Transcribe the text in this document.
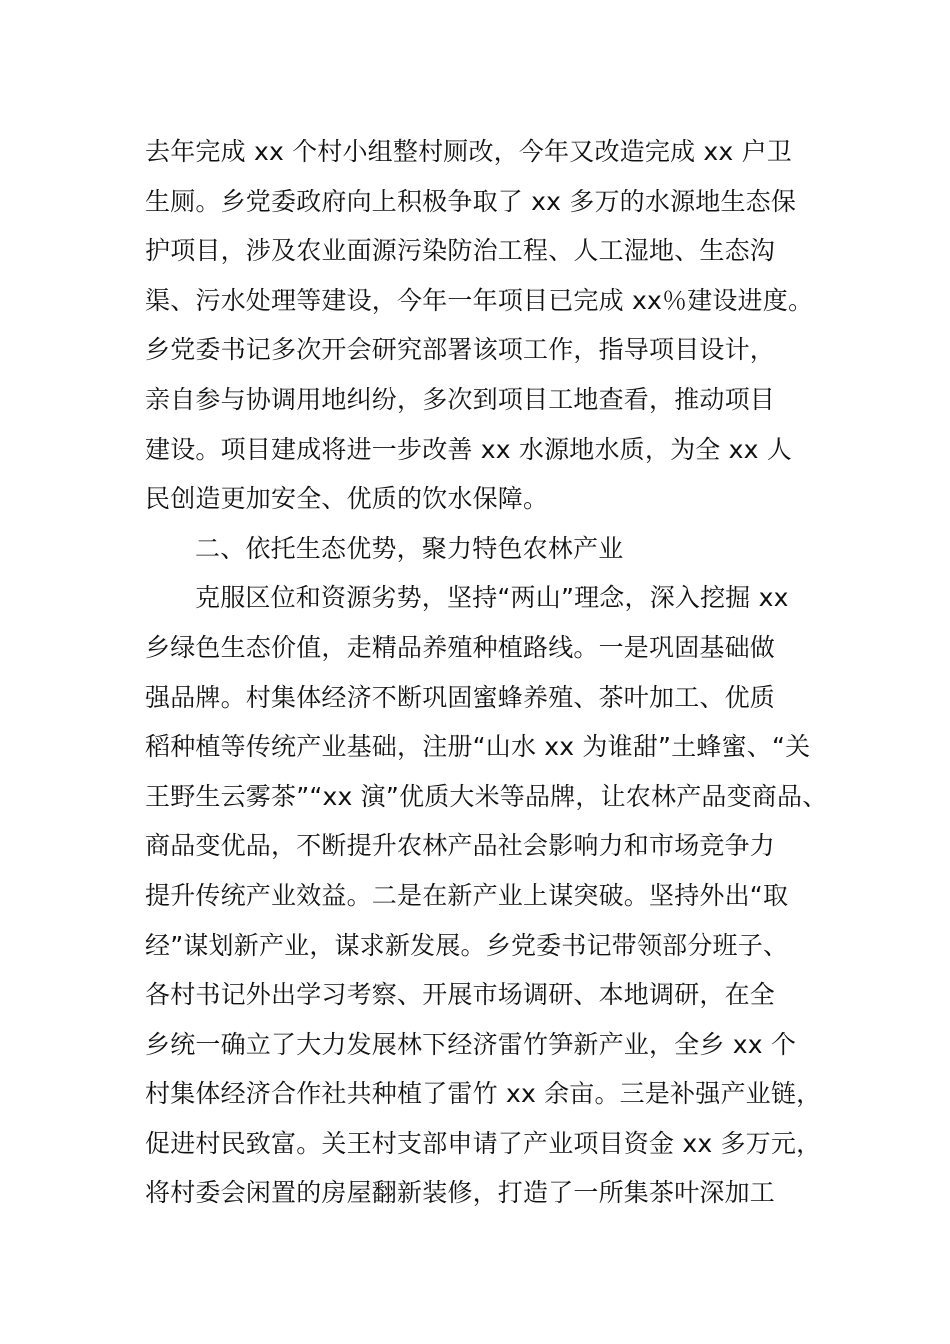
去年完成 xx 个村小组整村厕改，今年又改造完成 xx 户卫
生厕。乡党委政府向上积极争取了 xx 多万的水源地生态保
护项目，涉及农业面源污染防治工程、人工湿地、生态沟
渠、污水处理等建设，今年一年项目已完成 xx％建设进度。
乡党委书记多次开会研究部署该项工作，指导项目设计，
亲自参与协调用地纠纷，多次到项目工地查看，推动项目
建设。项目建成将进一步改善 xx 水源地水质，为全 xx 人
民创造更加安全、优质的饮水保障。
二、依托生态优势，聚力特色农林产业
克服区位和资源劣势，坚持“两山”理念，深入挖掘 xx
乡绿色生态价值，走精品养殖种植路线。一是巩固基础做
强品牌。村集体经济不断巩固蜜蜂养殖、茶叶加工、优质
稻种植等传统产业基础，注册“山水 xx 为谁甜”土蜂蜜、“关
王野生云雾茶”“xx 演”优质大米等品牌，让农林产品变商品、
商品变优品，不断提升农林产品社会影响力和市场竞争力
提升传统产业效益。二是在新产业上谋突破。坚持外出“取
经”谋划新产业，谋求新发展。乡党委书记带领部分班子、
各村书记外出学习考察、开展市场调研、本地调研，在全
乡统一确立了大力发展林下经济雷竹笋新产业，全乡 xx 个
村集体经济合作社共种植了雷竹 xx 余亩。三是补强产业链，
促进村民致富。关王村支部申请了产业项目资金 xx 多万元，
将村委会闲置的房屋翻新装修，打造了一所集茶叶深加工
